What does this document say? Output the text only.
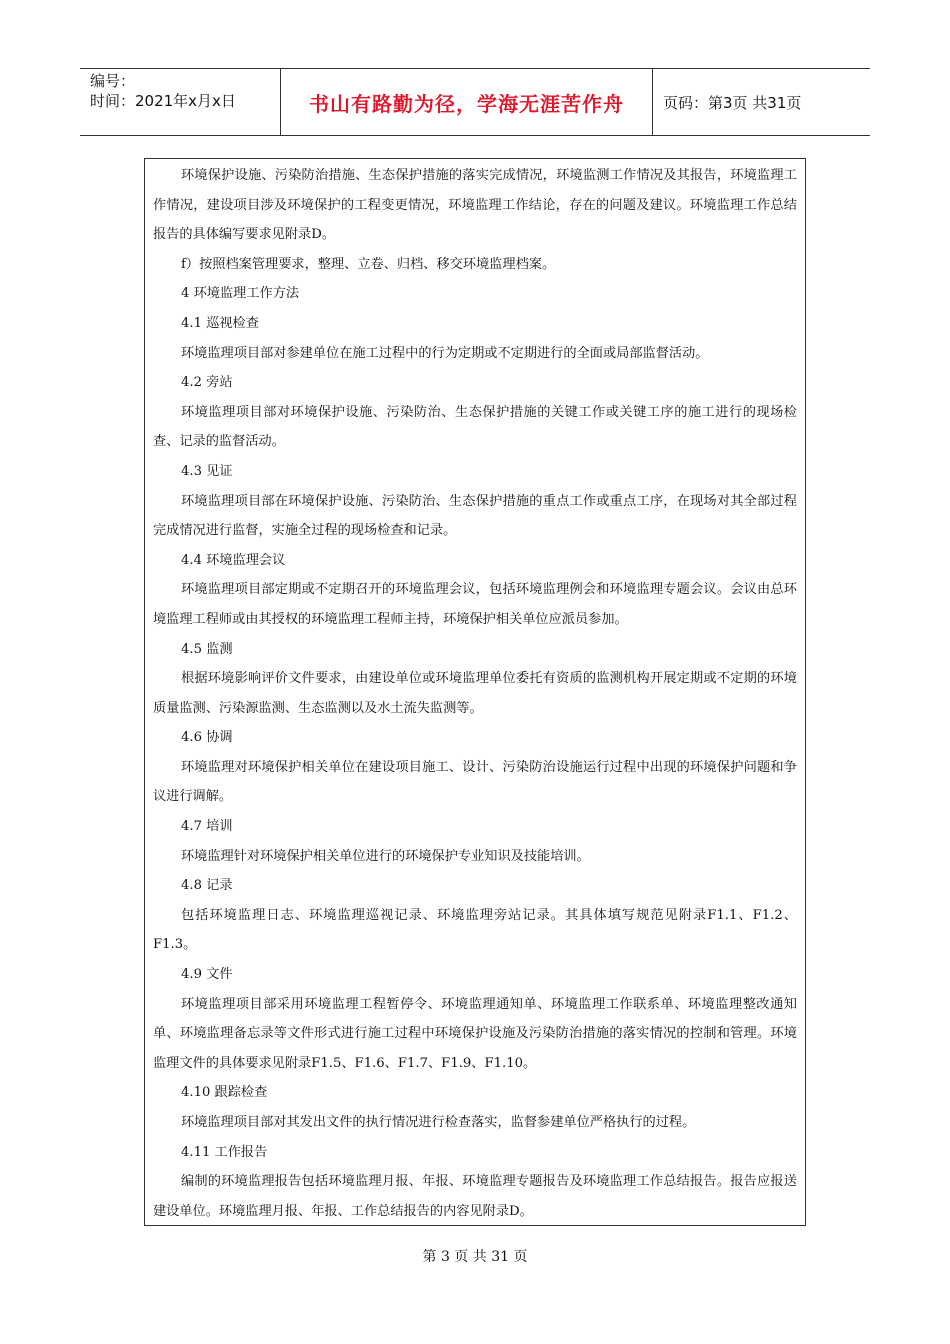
编号：
时间：2021年x月x日	书山有路勤为径，学海无涯苦作舟	页码：第3页 共31页

环境保护设施、污染防治措施、生态保护措施的落实完成情况，环境监测工作情况及其报告，环境监理工作情况，建设项目涉及环境保护的工程变更情况，环境监理工作结论，存在的问题及建议。环境监理工作总结报告的具体编写要求见附录D。

f）按照档案管理要求，整理、立卷、归档、移交环境监理档案。

4 环境监理工作方法

4.1 巡视检查

环境监理项目部对参建单位在施工过程中的行为定期或不定期进行的全面或局部监督活动。

4.2 旁站

环境监理项目部对环境保护设施、污染防治、生态保护措施的关键工作或关键工序的施工进行的现场检查、记录的监督活动。

4.3 见证

环境监理项目部在环境保护设施、污染防治、生态保护措施的重点工作或重点工序，在现场对其全部过程完成情况进行监督，实施全过程的现场检查和记录。

4.4 环境监理会议

环境监理项目部定期或不定期召开的环境监理会议，包括环境监理例会和环境监理专题会议。会议由总环境监理工程师或由其授权的环境监理工程师主持，环境保护相关单位应派员参加。

4.5 监测

根据环境影响评价文件要求，由建设单位或环境监理单位委托有资质的监测机构开展定期或不定期的环境质量监测、污染源监测、生态监测以及水土流失监测等。

4.6 协调

环境监理对环境保护相关单位在建设项目施工、设计、污染防治设施运行过程中出现的环境保护问题和争议进行调解。

4.7 培训

环境监理针对环境保护相关单位进行的环境保护专业知识及技能培训。

4.8 记录

包括环境监理日志、环境监理巡视记录、环境监理旁站记录。其具体填写规范见附录F1.1、F1.2、F1.3。

4.9 文件

环境监理项目部采用环境监理工程暂停令、环境监理通知单、环境监理工作联系单、环境监理整改通知单、环境监理备忘录等文件形式进行施工过程中环境保护设施及污染防治措施的落实情况的控制和管理。环境监理文件的具体要求见附录F1.5、F1.6、F1.7、F1.9、F1.10。

4.10 跟踪检查

环境监理项目部对其发出文件的执行情况进行检查落实，监督参建单位严格执行的过程。

4.11 工作报告

编制的环境监理报告包括环境监理月报、年报、环境监理专题报告及环境监理工作总结报告。报告应报送建设单位。环境监理月报、年报、工作总结报告的内容见附录D。

第 3 页 共 31 页
